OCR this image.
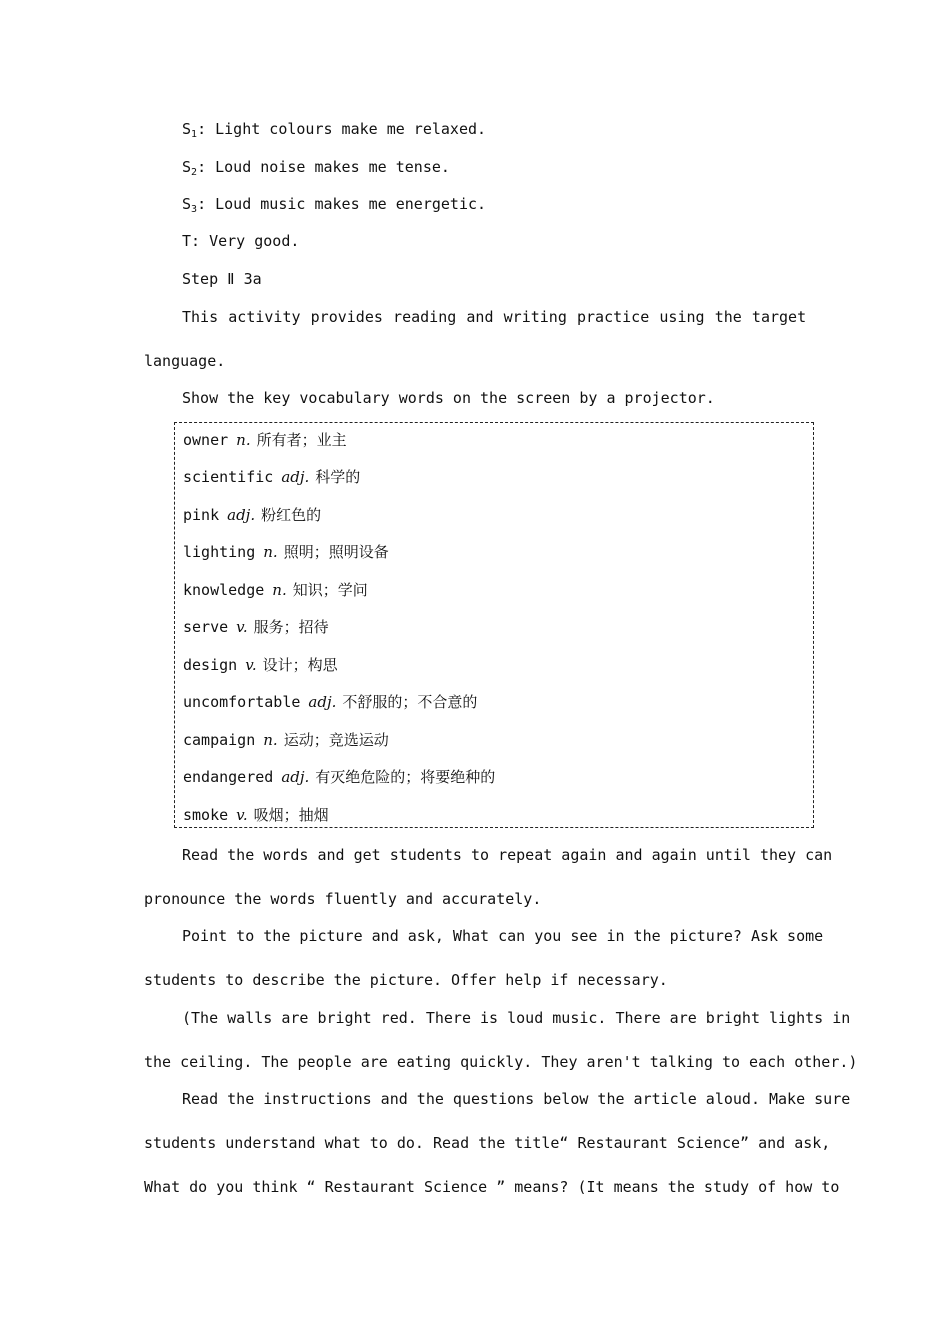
$S_1$: Light colours make me relaxed.
$S_2$: Loud noise makes me tense.
$S_3$: Loud music makes me energetic.
T: Very good.
Step Ⅱ 3a
This activity provides reading and writing practice using the target
language.
Show the key vocabulary words on the screen by a projector.
owner n. 所有者；业主
scientific adj. 科学的
pink adj. 粉红色的
lighting n. 照明；照明设备
knowledge n. 知识；学问
serve v. 服务；招待
design v. 设计；构思
uncomfortable adj. 不舒服的；不合意的
campaign n. 运动；竞选运动
endangered adj. 有灭绝危险的；将要绝种的
smoke v. 吸烟；抽烟
Read the words and get students to repeat again and again until they can
pronounce the words fluently and accurately.
Point to the picture and ask, What can you see in the picture? Ask some
students to describe the picture. Offer help if necessary.
(The walls are bright red. There is loud music. There are bright lights in
the ceiling. The people are eating quickly. They aren't talking to each other.)
Read the instructions and the questions below the article aloud. Make sure
students understand what to do. Read the title“ Restaurant Science” and ask,
What do you think “ Restaurant Science ” means? (It means the study of how to
